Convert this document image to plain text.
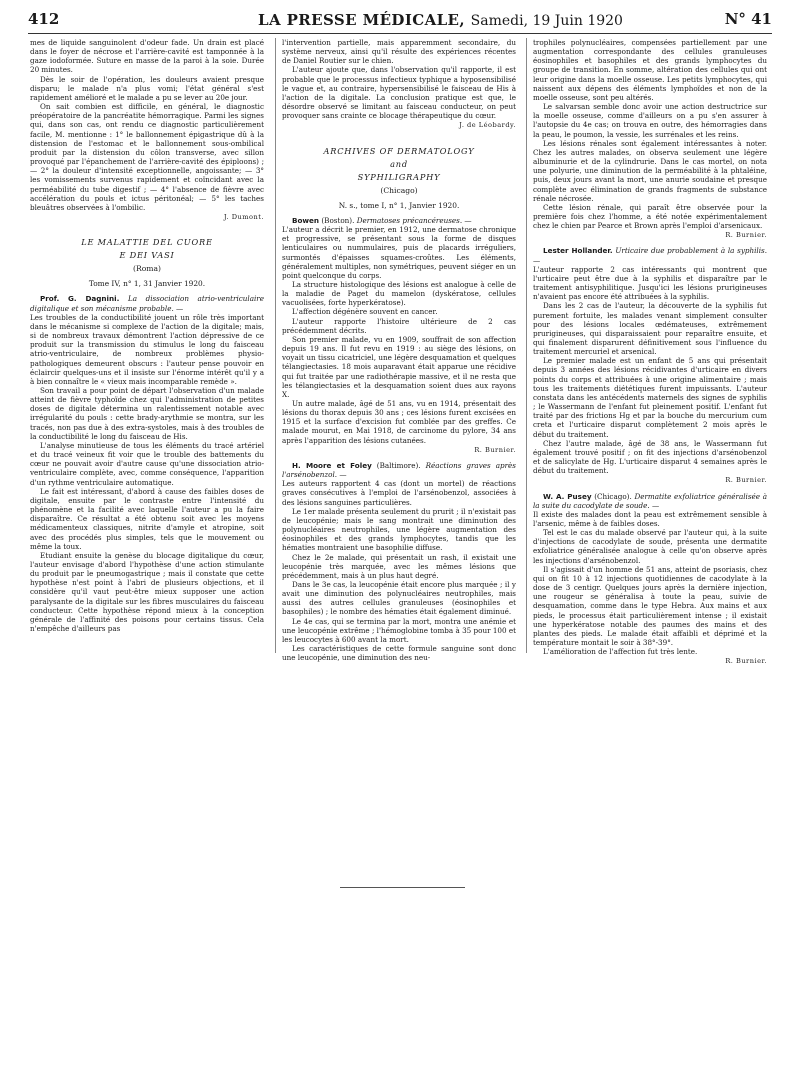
412	LA PRESSE MÉDICALE, Samedi, 19 Juin 1920	N° 41

mes de liquide sanguinolent d'odeur fade. Un drain est placé dans le foyer de nécrose et l'arrière-cavité est tamponnée à la gaze iodoformée. Suture en masse de la paroi à la soie. Durée 20 minutes.

Dès le soir de l'opération, les douleurs avaient presque disparu; le malade n'a plus vomi; l'état général s'est rapidement amélioré et le malade a pu se lever au 20e jour.

On sait combien est difficile, en général, le diagnostic préopératoire de la pancréatite hémorragique. Parmi les signes qui, dans son cas, ont rendu ce diagnostic particulièrement facile, M. mentionne : 1° le ballonnement épigastrique dû à la distension de l'estomac et le ballonnement sous-ombilical produit par la distension du côlon transverse, avec sillon provoqué par l'épanchement de l'arrière-cavité des épiploons) ; — 2° la douleur d'intensité exceptionnelle, angoissante; — 3° les vomissements survenus rapidement et coïncidant avec la perméabilité du tube digestif ; — 4° l'absence de fièvre avec accélération du pouls et ictus péritonéal; — 5° les taches bleuâtres observées à l'ombilic.

J. Dumont.

LE MALATTIE DEL CUORE
E DEI VASI

(Roma)

Tome IV, n° 1, 31 Janvier 1920.

Prof. G. Dagnini. La dissociation atrio-ventriculaire digitalique et son mécanisme probable. —

Les troubles de la conductibilité jouent un rôle très important dans le mécanisme si complexe de l'action de la digitale; mais, si de nombreux travaux démontrent l'action dépressive de ce produit sur la transmission du stimulus le long du faisceau atrio-ventriculaire, de nombreux problèmes physio-pathologiques demeurent obscurs : l'auteur pense pouvoir en éclaircir quelques-uns et il insiste sur l'énorme intérêt qu'il y a à bien connaître le « vieux mais incomparable remède ».

Son travail a pour point de départ l'observation d'un malade atteint de fièvre typhoïde chez qui l'administration de petites doses de digitale détermina un ralentissement notable avec irrégularité du pouls : cette brady-arythmie se montra, sur les tracés, non pas due à des extra-systoles, mais à des troubles de la conductibilité le long du faisceau de His.

L'analyse minutieuse de tous les éléments du tracé artériel et du tracé veineux fit voir que le trouble des battements du cœur ne pouvait avoir d'autre cause qu'une dissociation atrio-ventriculaire complète, avec, comme conséquence, l'apparition d'un rythme ventriculaire automatique.

Le fait est intéressant, d'abord à cause des faibles doses de digitale, ensuite par le contraste entre l'intensité du phénomène et la facilité avec laquelle l'auteur a pu la faire disparaître. Ce résultat a été obtenu soit avec les moyens médicamenteux classiques, nitrite d'amyle et atropine, soit avec des procédés plus simples, tels que le mouvement ou même la toux.

Etudiant ensuite la genèse du blocage digitalique du cœur, l'auteur envisage d'abord l'hypothèse d'une action stimulante du produit par le pneumogastrique ; mais il constate que cette hypothèse n'est point à l'abri de plusieurs objections, et il considère qu'il vaut peut-être mieux supposer une action paralysante de la digitale sur les fibres musculaires du faisceau conducteur. Cette hypothèse répond mieux à la conception générale de l'affinité des poisons pour certains tissus. Cela n'empêche d'ailleurs pas

l'intervention partielle, mais apparemment secondaire, du système nerveux, ainsi qu'il résulte des expériences récentes de Daniel Routier sur le chien.

L'auteur ajoute que, dans l'observation qu'il rapporte, il est probable que le processus infectieux typhique a hyposensibilisé le vague et, au contraire, hypersensibilisé le faisceau de His à l'action de la digitale. La conclusion pratique est que, le désordre observé se limitant au faisceau conducteur, on peut provoquer sans crainte ce blocage thérapeutique du cœur.

J. de Léobardy.

ARCHIVES OF DERMATOLOGY
and
SYPHILIGRAPHY

(Chicago)

N. s., tome I, n° 1, Janvier 1920.

Bowen (Boston). Dermatoses précancéreuses. —

L'auteur a décrit le premier, en 1912, une dermatose chronique et progressive, se présentant sous la forme de disques lenticulaires ou nummulaires, puis de placards irréguliers, surmontés d'épaisses squames-croûtes. Les éléments, généralement multiples, non symétriques, peuvent siéger en un point quelconque du corps.

La structure histologique des lésions est analogue à celle de la maladie de Paget du mamelon (dyskératose, cellules vacuolisées, forte hyperkératose).

L'affection dégénère souvent en cancer.

L'auteur rapporte l'histoire ultérieure de 2 cas précédemment décrits.

Son premier malade, vu en 1909, souffrait de son affection depuis 19 ans. Il fut revu en 1919 : au siège des lésions, on voyait un tissu cicatriciel, une légère desquamation et quelques télangiectasies. 18 mois auparavant était apparue une récidive qui fut traitée par une radiothérapie massive, et il ne resta que les télangiectasies et la desquamation soient dues aux rayons X.

Un autre malade, âgé de 51 ans, vu en 1914, présentait des lésions du thorax depuis 30 ans ; ces lésions furent excisées en 1915 et la surface d'excision fut comblée par des greffes. Ce malade mourut, en Mai 1918, de carcinome du pylore, 34 ans après l'apparition des lésions cutanées.

R. Burnier.

H. Moore et Foley (Baltimore). Réactions graves après l'arsénobenzol. —

Les auteurs rapportent 4 cas (dont un mortel) de réactions graves consécutives à l'emploi de l'arsénobenzol, associées à des lésions sanguines particulières.

Le 1er malade présenta seulement du prurit ; il n'existait pas de leucopénie; mais le sang montrait une diminution des polynucléaires neutrophiles, une légère augmentation des éosinophiles et des grands lymphocytes, tandis que les hématies montraient une basophilie diffuse.

Chez le 2e malade, qui présentait un rash, il existait une leucopénie très marquée, avec les mêmes lésions que précédemment, mais à un plus haut degré.

Dans le 3e cas, la leucopénie était encore plus marquée ; il y avait une diminution des polynucléaires neutrophiles, mais aussi des autres cellules granuleuses (éosinophiles et basophiles) ; le nombre des hématies était également diminué.

Le 4e cas, qui se termina par la mort, montra une anémie et une leucopénie extrême ; l'hémoglobine tomba à 35 pour 100 et les leucocytes à 600 avant la mort.

Les caractéristiques de cette formule sanguine sont donc une leucopénie, une diminution des neu-

trophiles polynucléaires, compensées partiellement par une augmentation correspondante des cellules granuleuses éosinophiles et basophiles et des grands lymphocytes du groupe de transition. En somme, altération des cellules qui ont leur origine dans la moelle osseuse. Les petits lymphocytes, qui naissent aux dépens des éléments lymphoïdes et non de la moelle osseuse, sont peu altérés.

Le salvarsan semble donc avoir une action destructrice sur la moelle osseuse, comme d'ailleurs on a pu s'en assurer à l'autopsie du 4e cas; on trouva en outre, des hémorragies dans la peau, le poumon, la vessie, les surrénales et les reins.

Les lésions rénales sont également intéressantes à noter. Chez les autres malades, on observa seulement une légère albuminurie et de la cylindrurie. Dans le cas mortel, on nota une polyurie, une diminution de la perméabilité à la phtaléine, puis, deux jours avant la mort, une anurie soudaine et presque complète avec élimination de grands fragments de substance rénale nécrosée.

Cette lésion rénale, qui paraît être observée pour la première fois chez l'homme, a été notée expérimentalement chez le chien par Pearce et Brown après l'emploi d'arsenicaux.

R. Burnier.

Lester Hollander. Urticaire due probablement à la syphilis. —

L'auteur rapporte 2 cas intéressants qui montrent que l'urticaire peut être due à la syphilis et disparaître par le traitement antisyphilitique. Jusqu'ici les lésions prurigineuses n'avaient pas encore été attribuées à la syphilis.

Dans les 2 cas de l'auteur, la découverte de la syphilis fut purement fortuite, les malades venant simplement consulter pour des lésions locales œdémateuses, extrêmement prurigineuses, qui disparaissaient pour reparaître ensuite, et qui finalement disparurent définitivement sous l'influence du traitement mercuriel et arsenical.

Le premier malade est un enfant de 5 ans qui présentait depuis 3 années des lésions récidivantes d'urticaire en divers points du corps et attribuées à une origine alimentaire ; mais tous les traitements diététiques furent impuissants. L'auteur constata dans les antécédents maternels des signes de syphilis ; le Wassermann de l'enfant fut pleinement positif. L'enfant fut traité par des frictions Hg et par la bouche du mercurium cum creta et l'urticaire disparut complètement 2 mois après le début du traitement.

Chez l'autre malade, âgé de 38 ans, le Wassermann fut également trouvé positif ; on fit des injections d'arsénobenzol et de salicylate de Hg. L'urticaire disparut 4 semaines après le début du traitement.

R. Burnier.

W. A. Pusey (Chicago). Dermatite exfoliatrice généralisée à la suite du cacodylate de soude. —

Il existe des malades dont la peau est extrêmement sensible à l'arsenic, même à de faibles doses.

Tel est le cas du malade observé par l'auteur qui, à la suite d'injections de cacodylate de soude, présenta une dermatite exfoliatrice généralisée analogue à celle qu'on observe après les injections d'arsénobenzol.

Il s'agissait d'un homme de 51 ans, atteint de psoriasis, chez qui on fit 10 à 12 injections quotidiennes de cacodylate à la dose de 3 centigr. Quelques jours après la dernière injection, une rougeur se généralisa à toute la peau, suivie de desquamation, comme dans le type Hebra. Aux mains et aux pieds, le processus était particulièrement intense ; il existait une hyperkératose notable des paumes des mains et des plantes des pieds. Le malade était affaibli et déprimé et la température montait le soir à 38°-39°.

L'amélioration de l'affection fut très lente.

R. Burnier.
